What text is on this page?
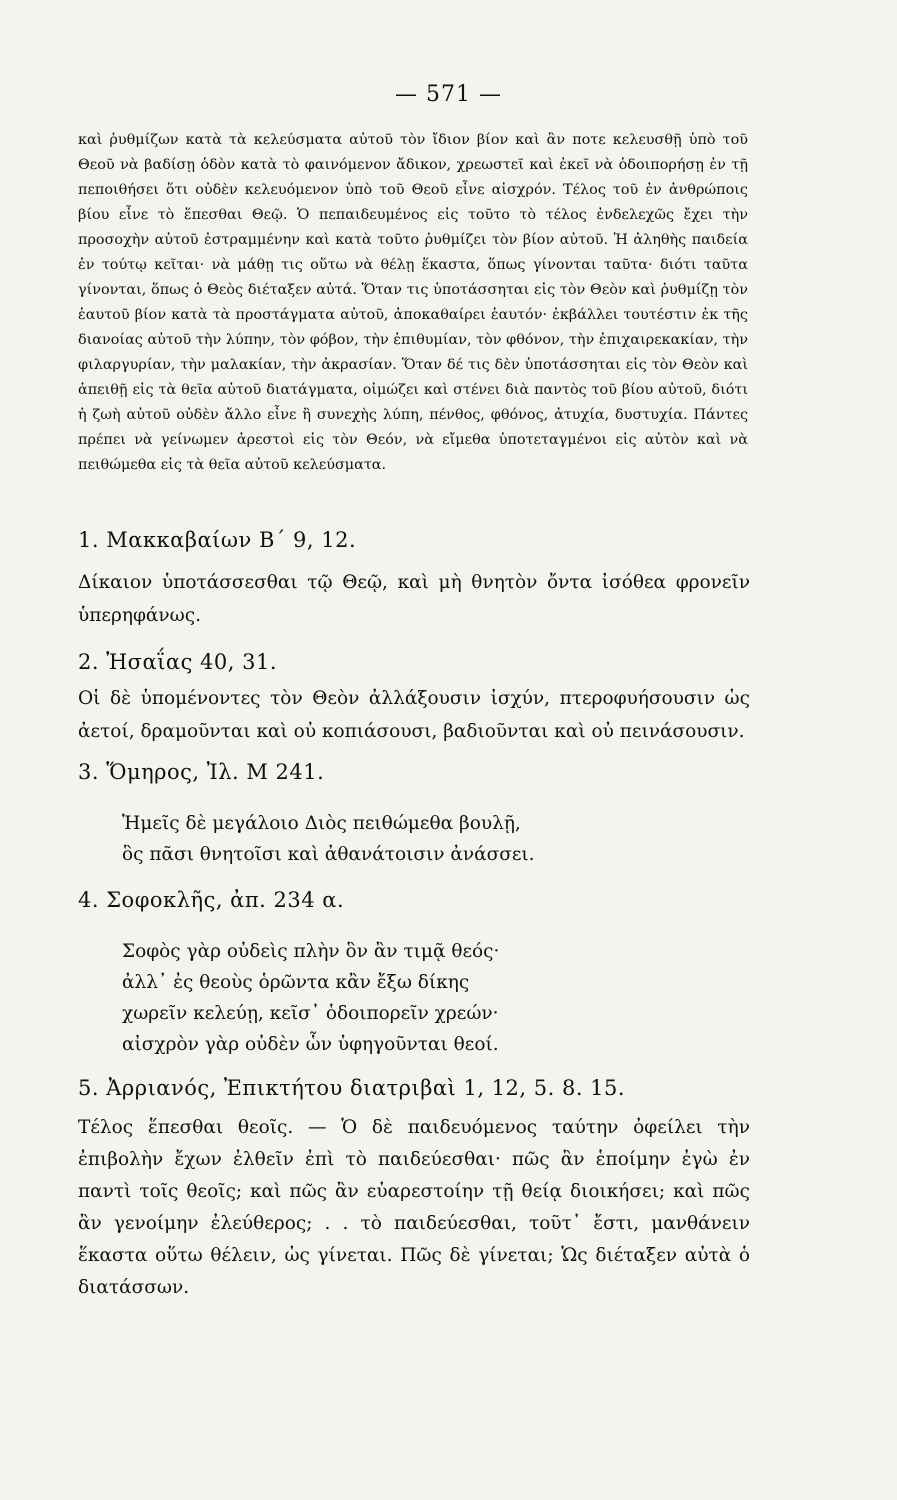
— 571 —

καὶ ῥυθμίζων κατὰ τὰ κελεύσματα αὐτοῦ τὸν ἴδιον βίον καὶ ἂν ποτε κελευσθῇ ὑπὸ τοῦ Θεοῦ νὰ βαδίσῃ ὁδὸν κατὰ τὸ φαινόμενον ἄδικον, χρεωστεῖ καὶ ἐκεῖ νὰ ὁδοιπορήσῃ ἐν τῇ πεποιθήσει ὅτι οὐδὲν κελευόμενον ὑπὸ τοῦ Θεοῦ εἶνε αἰσχρόν. Τέλος τοῦ ἐν ἀνθρώποις βίου εἶνε τὸ ἕπεσθαι Θεῷ. Ὁ πεπαιδευμένος εἰς τοῦτο τὸ τέλος ἐνδελεχῶς ἔχει τὴν προσοχὴν αὐτοῦ ἐστραμμένην καὶ κατὰ τοῦτο ῥυθμίζει τὸν βίον αὐτοῦ. Ἡ ἀληθὴς παιδεία ἐν τούτῳ κεῖται· νὰ μάθῃ τις οὕτω νὰ θέλῃ ἕκαστα, ὅπως γίνονται ταῦτα· διότι ταῦτα γίνονται, ὅπως ὁ Θεὸς διέταξεν αὐτά. Ὅταν τις ὑποτάσσηται εἰς τὸν Θεὸν καὶ ῥυθμίζῃ τὸν ἑαυτοῦ βίον κατὰ τὰ προστάγματα αὐτοῦ, ἀποκαθαίρει ἑαυτόν· ἐκβάλλει τουτέστιν ἐκ τῆς διανοίας αὐτοῦ τὴν λύπην, τὸν φόβον, τὴν ἐπιθυμίαν, τὸν φθόνον, τὴν ἐπιχαιρεκακίαν, τὴν φιλαργυρίαν, τὴν μαλακίαν, τὴν ἀκρασίαν. Ὅταν δέ τις δὲν ὑποτάσσηται εἰς τὸν Θεὸν καὶ ἀπειθῇ εἰς τὰ θεῖα αὐτοῦ διατάγματα, οἰμώζει καὶ στένει διὰ παντὸς τοῦ βίου αὐτοῦ, διότι ἡ ζωὴ αὐτοῦ οὐδὲν ἄλλο εἶνε ἢ συνεχὴς λύπη, πένθος, φθόνος, ἀτυχία, δυστυχία. Πάντες πρέπει νὰ γείνωμεν ἀρεστοὶ εἰς τὸν Θεόν, νὰ εἴμεθα ὑποτεταγμένοι εἰς αὐτὸν καὶ νὰ πειθώμεθα εἰς τὰ θεῖα αὐτοῦ κελεύσματα.

1. Μακκαβαίων Β΄ 9, 12.
Δίκαιον ὑποτάσσεσθαι τῷ Θεῷ, καὶ μὴ θνητὸν ὄντα ἰσόθεα φρονεῖν ὑπερηφάνως.
2. Ἠσαΐας 40, 31.
Οἱ δὲ ὑπομένοντες τὸν Θεὸν ἀλλάξουσιν ἰσχύν, πτεροφυήσουσιν ὡς ἀετοί, δραμοῦνται καὶ οὐ κοπιάσουσι, βαδιοῦνται καὶ οὐ πεινάσουσιν.
3. Ὅμηρος, Ἰλ. Μ 241.
Ἡμεῖς δὲ μεγάλοιο Διὸς πειθώμεθα βουλῇ,
ὃς πᾶσι θνητοῖσι καὶ ἀθανάτοισιν ἀνάσσει.
4. Σοφοκλῆς, ἀπ. 234 α.
Σοφὸς γὰρ οὐδεὶς πλὴν ὃν ἂν τιμᾷ θεός·
ἀλλ᾽ ἐς θεοὺς ὁρῶντα κἂν ἔξω δίκης
χωρεῖν κελεύῃ, κεῖσ᾽ ὁδοιπορεῖν χρεών·
αἰσχρὸν γὰρ οὐδὲν ὧν ὑφηγοῦνται θεοί.
5. Ἀρριανός, Ἐπικτήτου διατριβαὶ 1, 12, 5. 8. 15.
Τέλος ἕπεσθαι θεοῖς. — Ὁ δὲ παιδευόμενος ταύτην ὀφείλει τὴν ἐπιβολὴν ἔχων ἐλθεῖν ἐπὶ τὸ παιδεύεσθαι· πῶς ἂν ἑποίμην ἐγὼ ἐν παντὶ τοῖς θεοῖς; καὶ πῶς ἂν εὐαρεστοίην τῇ θείᾳ διοικήσει; καὶ πῶς ἂν γενοίμην ἐλεύθερος; . . τὸ παιδεύεσθαι, τοῦτ᾽ ἔστι, μανθάνειν ἕκαστα οὕτω θέλειν, ὡς γίνεται. Πῶς δὲ γίνεται; Ὡς διέταξεν αὐτὰ ὁ διατάσσων.
